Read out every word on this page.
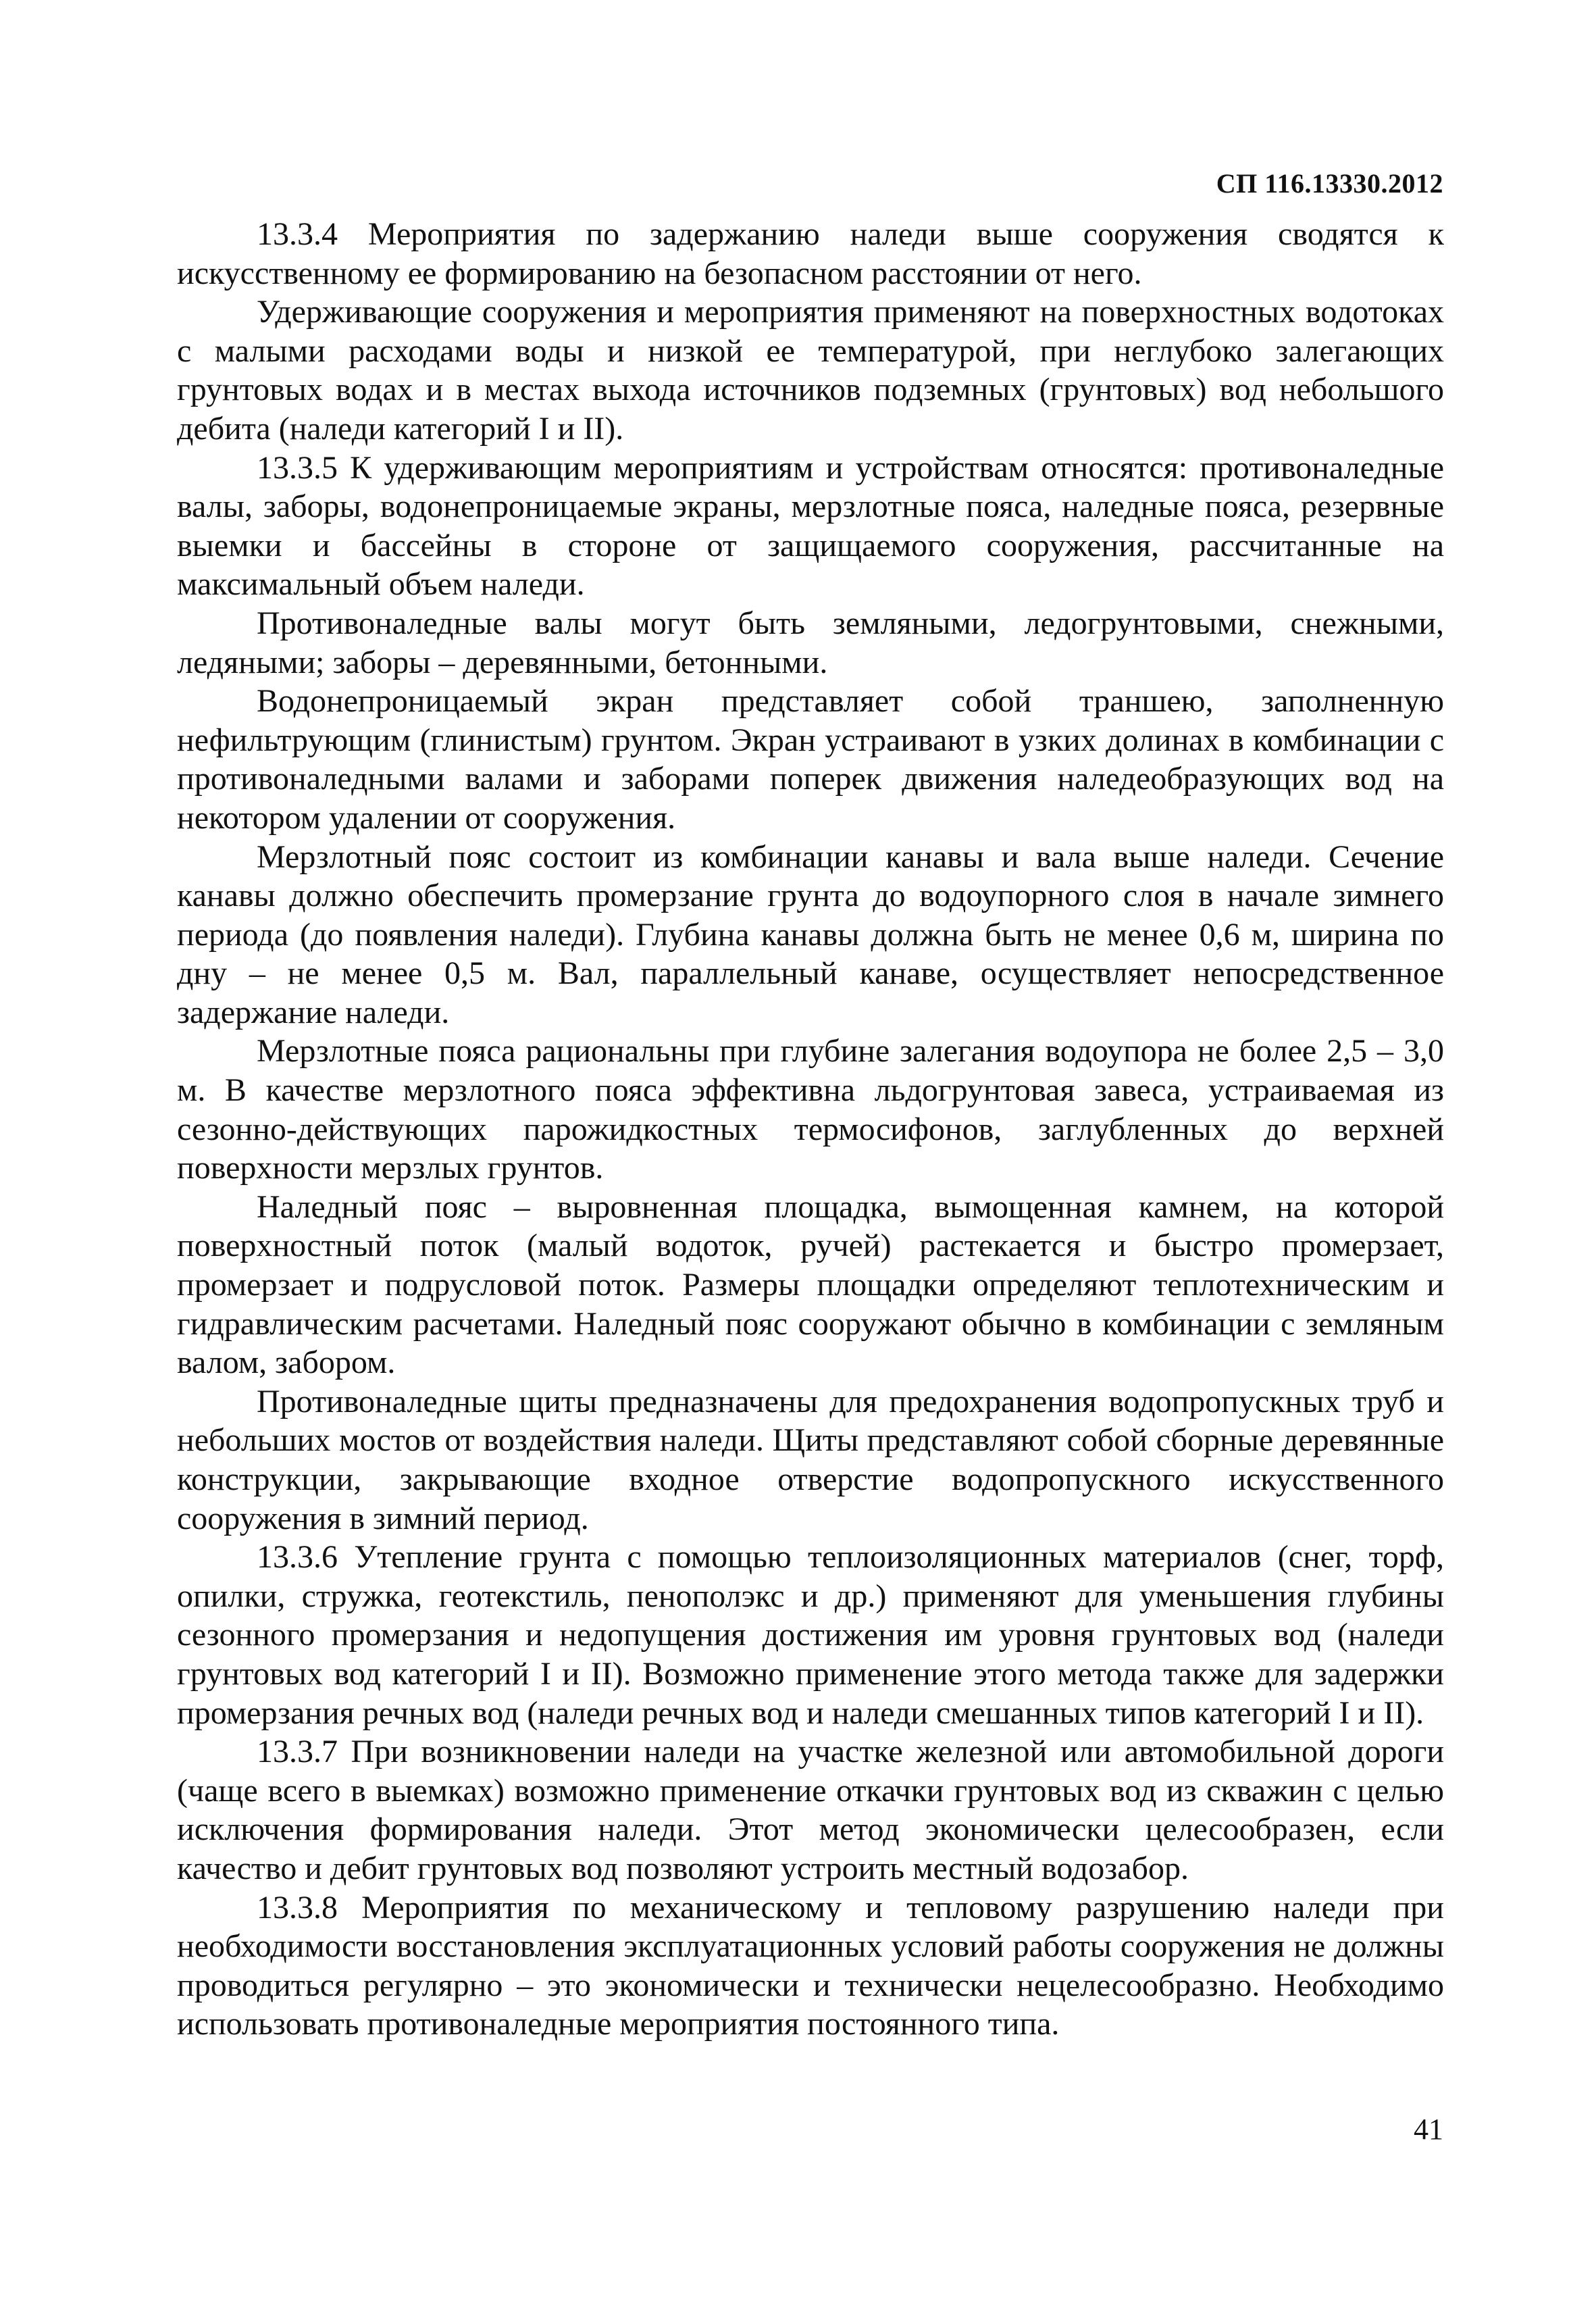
СП 116.13330.2012

13.3.4 Мероприятия по задержанию наледи выше сооружения сводятся к искусственному ее формированию на безопасном расстоянии от него.

Удерживающие сооружения и мероприятия применяют на поверхностных водотоках с малыми расходами воды и низкой ее температурой, при неглубоко залегающих грунтовых водах и в местах выхода источников подземных (грунтовых) вод небольшого дебита (наледи категорий I и II).

13.3.5 К удерживающим мероприятиям и устройствам относятся: противоналедные валы, заборы, водонепроницаемые экраны, мерзлотные пояса, наледные пояса, резервные выемки и бассейны в стороне от защищаемого сооружения, рассчитанные на максимальный объем наледи.

Противоналедные валы могут быть земляными, ледогрунтовыми, снежными, ледяными; заборы – деревянными, бетонными.

Водонепроницаемый экран представляет собой траншею, заполненную нефильтрующим (глинистым) грунтом. Экран устраивают в узких долинах в комбинации с противоналедными валами и заборами поперек движения наледеобразующих вод на некотором удалении от сооружения.

Мерзлотный пояс состоит из комбинации канавы и вала выше наледи. Сечение канавы должно обеспечить промерзание грунта до водоупорного слоя в начале зимнего периода (до появления наледи). Глубина канавы должна быть не менее 0,6 м, ширина по дну – не менее 0,5 м. Вал, параллельный канаве, осуществляет непосредственное задержание наледи.

Мерзлотные пояса рациональны при глубине залегания водоупора не более 2,5 – 3,0 м. В качестве мерзлотного пояса эффективна льдогрунтовая завеса, устраиваемая из сезонно-действующих парожидкостных термосифонов, заглубленных до верхней поверхности мерзлых грунтов.

Наледный пояс – выровненная площадка, вымощенная камнем, на которой поверхностный поток (малый водоток, ручей) растекается и быстро промерзает, промерзает и подрусловой поток. Размеры площадки определяют теплотехническим и гидравлическим расчетами. Наледный пояс сооружают обычно в комбинации с земляным валом, забором.

Противоналедные щиты предназначены для предохранения водопропускных труб и небольших мостов от воздействия наледи. Щиты представляют собой сборные деревянные конструкции, закрывающие входное отверстие водопропускного искусственного сооружения в зимний период.

13.3.6 Утепление грунта с помощью теплоизоляционных материалов (снег, торф, опилки, стружка, геотекстиль, пенополэкс и др.) применяют для уменьшения глубины сезонного промерзания и недопущения достижения им уровня грунтовых вод (наледи грунтовых вод категорий I и II). Возможно применение этого метода также для задержки промерзания речных вод (наледи речных вод и наледи смешанных типов категорий I и II).

13.3.7 При возникновении наледи на участке железной или автомобильной дороги (чаще всего в выемках) возможно применение откачки грунтовых вод из скважин с целью исключения формирования наледи. Этот метод экономически целесообразен, если качество и дебит грунтовых вод позволяют устроить местный водозабор.

13.3.8 Мероприятия по механическому и тепловому разрушению наледи при необходимости восстановления эксплуатационных условий работы сооружения не должны проводиться регулярно – это экономически и технически нецелесообразно. Необходимо использовать противоналедные мероприятия постоянного типа.

41
